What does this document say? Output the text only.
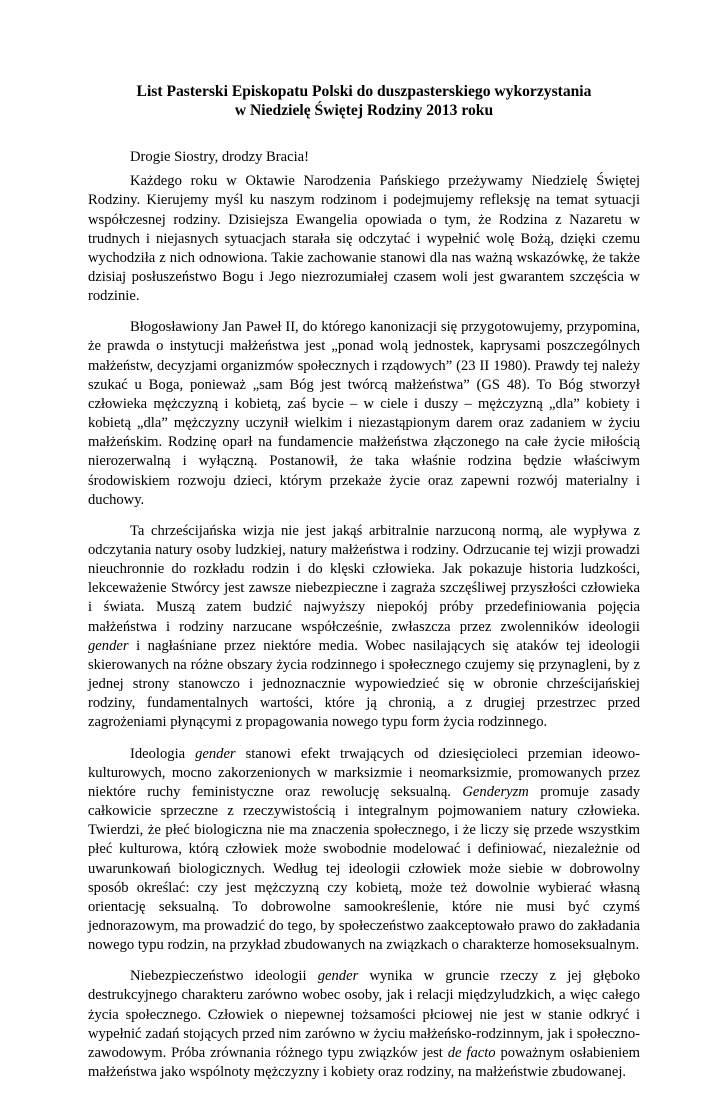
List Pasterski Episkopatu Polski do duszpasterskiego wykorzystania
w Niedzielę Świętej Rodziny 2013 roku

Drogie Siostry, drodzy Bracia!

Każdego roku w Oktawie Narodzenia Pańskiego przeżywamy Niedzielę Świętej Rodziny. Kierujemy myśl ku naszym rodzinom i podejmujemy refleksję na temat sytuacji współczesnej rodziny. Dzisiejsza Ewangelia opowiada o tym, że Rodzina z Nazaretu w trudnych i niejasnych sytuacjach starała się odczytać i wypełnić wolę Bożą, dzięki czemu wychodziła z nich odnowiona. Takie zachowanie stanowi dla nas ważną wskazówkę, że także dzisiaj posłuszeństwo Bogu i Jego niezrozumiałej czasem woli jest gwarantem szczęścia w rodzinie.

Błogosławiony Jan Paweł II, do którego kanonizacji się przygotowujemy, przypomina, że prawda o instytucji małżeństwa jest „ponad wolą jednostek, kaprysami poszczególnych małżeństw, decyzjami organizmów społecznych i rządowych” (23 II 1980). Prawdy tej należy szukać u Boga, ponieważ „sam Bóg jest twórcą małżeństwa” (GS 48). To Bóg stworzył człowieka mężczyzną i kobietą, zaś bycie – w ciele i duszy – mężczyzną „dla” kobiety i kobietą „dla” mężczyzny uczynił wielkim i niezastąpionym darem oraz zadaniem w życiu małżeńskim. Rodzinę oparł na fundamencie małżeństwa złączonego na całe życie miłością nierozerwalną i wyłączną. Postanowił, że taka właśnie rodzina będzie właściwym środowiskiem rozwoju dzieci, którym przekaże życie oraz zapewni rozwój materialny i duchowy.

Ta chrześcijańska wizja nie jest jakąś arbitralnie narzuconą normą, ale wypływa z odczytania natury osoby ludzkiej, natury małżeństwa i rodziny. Odrzucanie tej wizji prowadzi nieuchronnie do rozkładu rodzin i do klęski człowieka. Jak pokazuje historia ludzkości, lekceważenie Stwórcy jest zawsze niebezpieczne i zagraża szczęśliwej przyszłości człowieka i świata. Muszą zatem budzić najwyższy niepokój próby przedefiniowania pojęcia małżeństwa i rodziny narzucane współcześnie, zwłaszcza przez zwolenników ideologii gender i nagłaśniane przez niektóre media. Wobec nasilających się ataków tej ideologii skierowanych na różne obszary życia rodzinnego i społecznego czujemy się przynagleni, by z jednej strony stanowczo i jednoznacznie wypowiedzieć się w obronie chrześcijańskiej rodziny, fundamentalnych wartości, które ją chronią, a z drugiej przestrzec przed zagrożeniami płynącymi z propagowania nowego typu form życia rodzinnego.

Ideologia gender stanowi efekt trwających od dziesięcioleci przemian ideowo-kulturowych, mocno zakorzenionych w marksizmie i neomarksizmie, promowanych przez niektóre ruchy feministyczne oraz rewolucję seksualną. Genderyzm promuje zasady całkowicie sprzeczne z rzeczywistością i integralnym pojmowaniem natury człowieka. Twierdzi, że płeć biologiczna nie ma znaczenia społecznego, i że liczy się przede wszystkim płeć kulturowa, którą człowiek może swobodnie modelować i definiować, niezależnie od uwarunkowań biologicznych. Według tej ideologii człowiek może siebie w dobrowolny sposób określać: czy jest mężczyzną czy kobietą, może też dowolnie wybierać własną orientację seksualną. To dobrowolne samookreślenie, które nie musi być czymś jednorazowym, ma prowadzić do tego, by społeczeństwo zaakceptowało prawo do zakładania nowego typu rodzin, na przykład zbudowanych na związkach o charakterze homoseksualnym.

Niebezpieczeństwo ideologii gender wynika w gruncie rzeczy z jej głęboko destrukcyjnego charakteru zarówno wobec osoby, jak i relacji międzyludzkich, a więc całego życia społecznego. Człowiek o niepewnej tożsamości płciowej nie jest w stanie odkryć i wypełnić zadań stojących przed nim zarówno w życiu małżeńsko-rodzinnym, jak i społeczno-zawodowym. Próba zrównania różnego typu związków jest de facto poważnym osłabieniem małżeństwa jako wspólnoty mężczyzny i kobiety oraz rodziny, na małżeństwie zbudowanej.
